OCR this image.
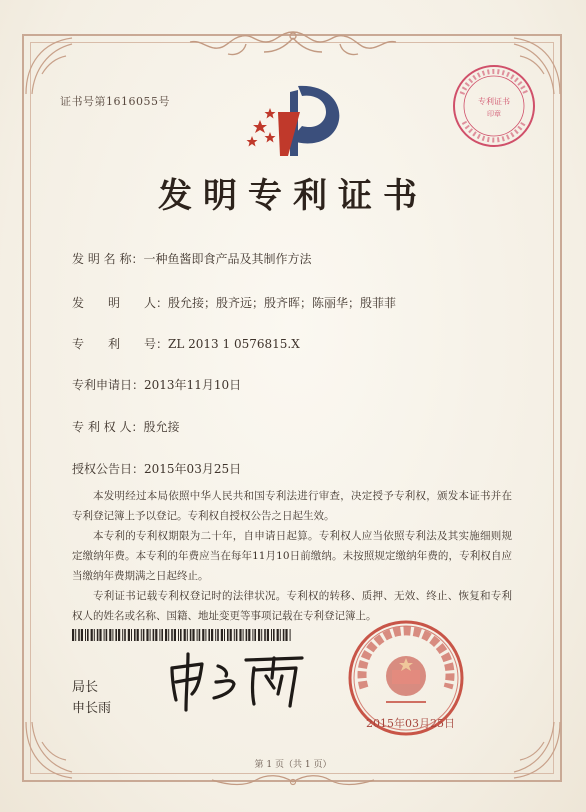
证书号第1616055号	专利证书
印章
发明专利证书
发 明 名 称：一种鱼酱即食产品及其制作方法
发　　明　　人：殷允接；殷齐远；殷齐晖；陈丽华；殷菲菲
专　　利　　号：ZL 2013 1 0576815.X
专利申请日：2013年11月10日
专 利 权 人：殷允接
授权公告日：2015年03月25日

本发明经过本局依照中华人民共和国专利法进行审查，决定授予专利权，颁发本证书并在专利登记簿上予以登记。专利权自授权公告之日起生效。

本专利的专利权期限为二十年，自申请日起算。专利权人应当依照专利法及其实施细则规定缴纳年费。本专利的年费应当在每年11月10日前缴纳。未按照规定缴纳年费的，专利权自应当缴纳年费期满之日起终止。

专利证书记载专利权登记时的法律状况。专利权的转移、质押、无效、终止、恢复和专利权人的姓名或名称、国籍、地址变更等事项记载在专利登记簿上。

局长
申长雨
2015年03月25日
第 1 页（共 1 页）
